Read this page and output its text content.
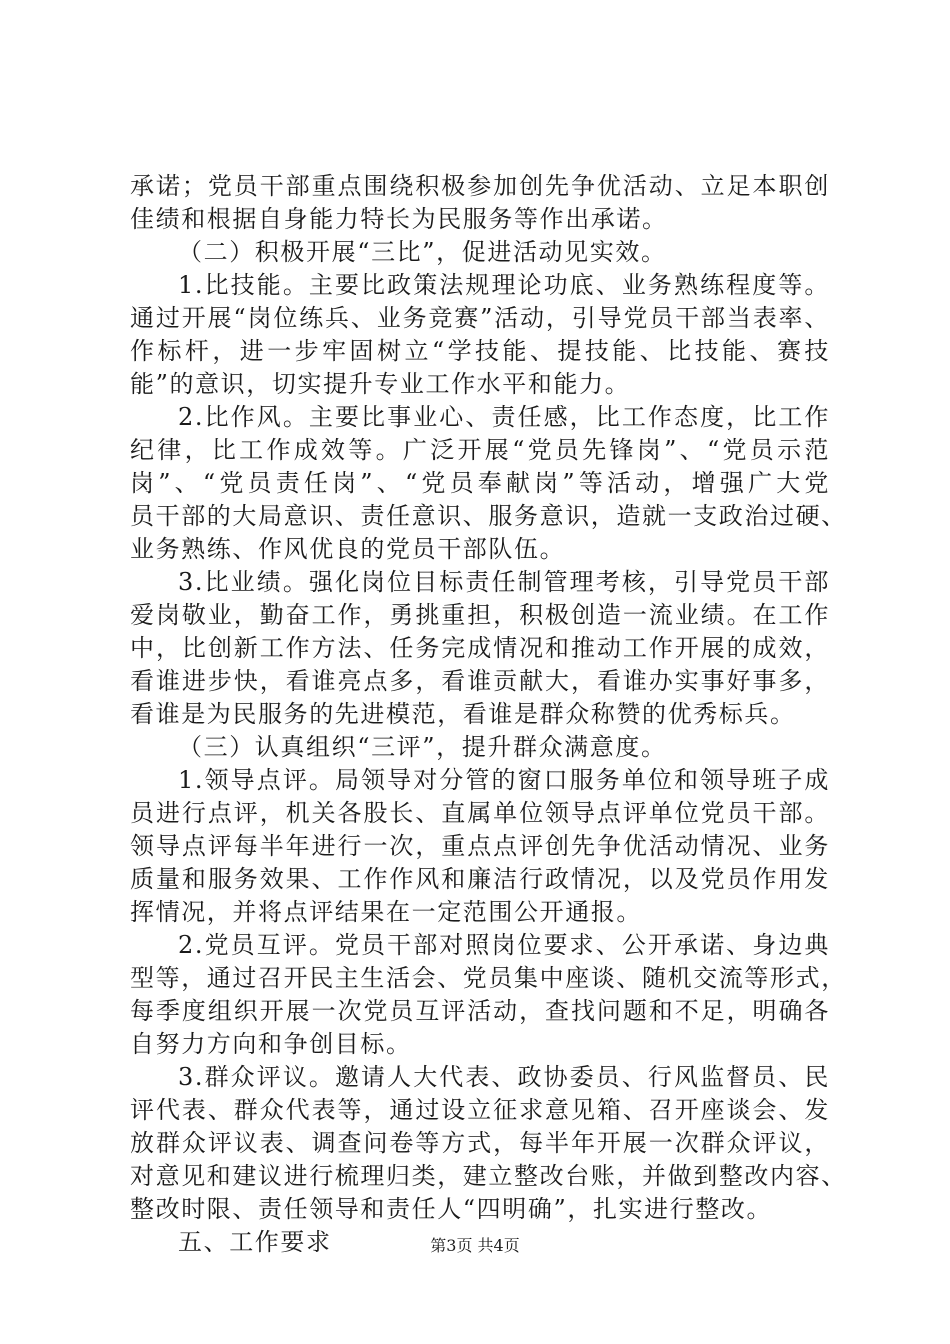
承诺；党员干部重点围绕积极参加创先争优活动、立足本职创
佳绩和根据自身能力特长为民服务等作出承诺。
（二）积极开展“三比”，促进活动见实效。
1.比技能。主要比政策法规理论功底、业务熟练程度等。
通过开展“岗位练兵、业务竞赛”活动，引导党员干部当表率、
作标杆，进一步牢固树立“学技能、提技能、比技能、赛技
能”的意识，切实提升专业工作水平和能力。
2.比作风。主要比事业心、责任感，比工作态度，比工作
纪律，比工作成效等。广泛开展“党员先锋岗”、“党员示范
岗”、“党员责任岗”、“党员奉献岗”等活动，增强广大党
员干部的大局意识、责任意识、服务意识，造就一支政治过硬、
业务熟练、作风优良的党员干部队伍。
3.比业绩。强化岗位目标责任制管理考核，引导党员干部
爱岗敬业，勤奋工作，勇挑重担，积极创造一流业绩。在工作
中，比创新工作方法、任务完成情况和推动工作开展的成效，
看谁进步快，看谁亮点多，看谁贡献大，看谁办实事好事多，
看谁是为民服务的先进模范，看谁是群众称赞的优秀标兵。
（三）认真组织“三评”，提升群众满意度。
1.领导点评。局领导对分管的窗口服务单位和领导班子成
员进行点评，机关各股长、直属单位领导点评单位党员干部。
领导点评每半年进行一次，重点点评创先争优活动情况、业务
质量和服务效果、工作作风和廉洁行政情况，以及党员作用发
挥情况，并将点评结果在一定范围公开通报。
2.党员互评。党员干部对照岗位要求、公开承诺、身边典
型等，通过召开民主生活会、党员集中座谈、随机交流等形式，
每季度组织开展一次党员互评活动，查找问题和不足，明确各
自努力方向和争创目标。
3.群众评议。邀请人大代表、政协委员、行风监督员、民
评代表、群众代表等，通过设立征求意见箱、召开座谈会、发
放群众评议表、调查问卷等方式，每半年开展一次群众评议，
对意见和建议进行梳理归类，建立整改台账，并做到整改内容、
整改时限、责任领导和责任人“四明确”，扎实进行整改。
五、工作要求	第3页 共4页
